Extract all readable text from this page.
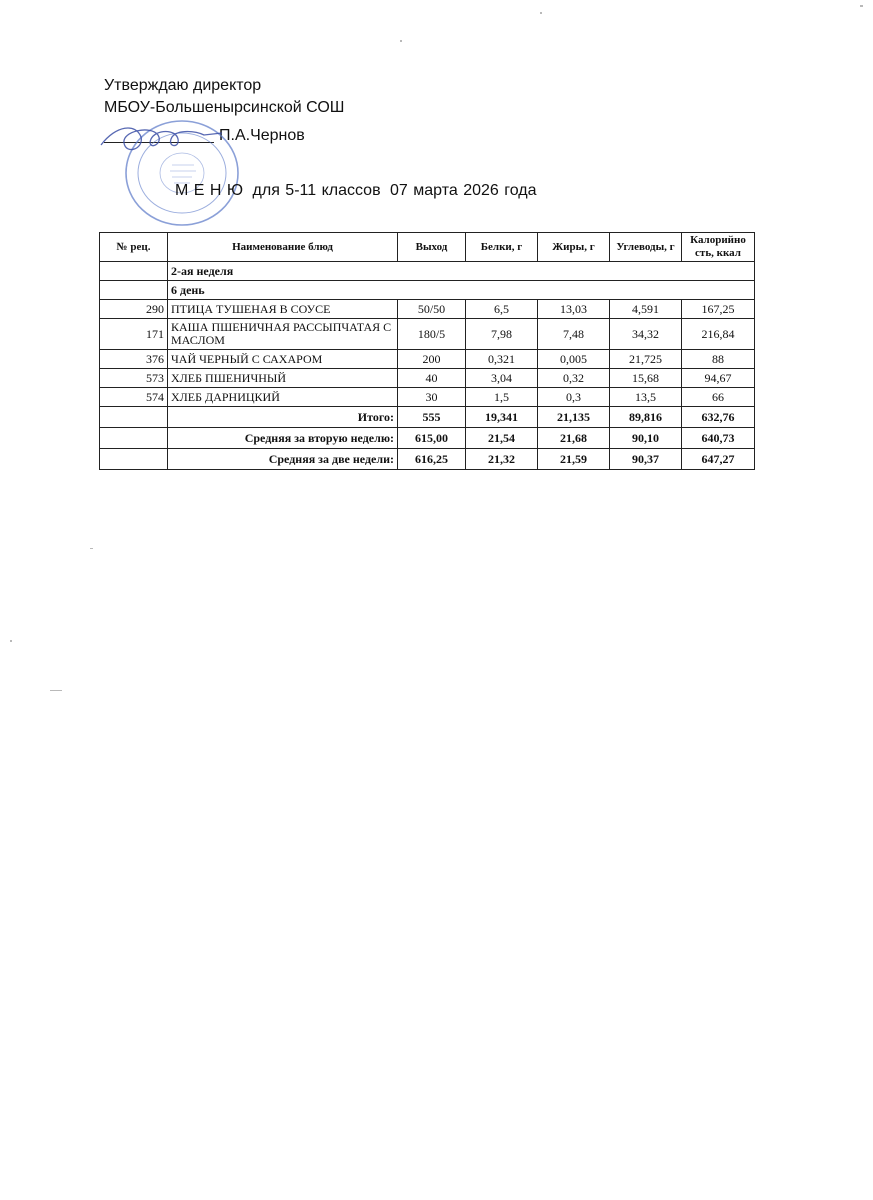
Утверждаю директор
МБОУ-Большенырсинской СОШ
П.А.Чернов
М Е Н Ю для 5-11 классов 07 марта 2026 года
№ рец.	Наименование блюд	Выход	Белки, г	Жиры, г	Углеводы, г	Калорийно сть, ккал
	2-ая неделя					
	6 день					
290	ПТИЦА ТУШЕНАЯ В СОУСЕ	50/50	6,5	13,03	4,591	167,25
171	КАША ПШЕНИЧНАЯ РАССЫПЧАТАЯ С МАСЛОМ	180/5	7,98	7,48	34,32	216,84
376	ЧАЙ ЧЕРНЫЙ С САХАРОМ	200	0,321	0,005	21,725	88
573	ХЛЕБ ПШЕНИЧНЫЙ	40	3,04	0,32	15,68	94,67
574	ХЛЕБ ДАРНИЦКИЙ	30	1,5	0,3	13,5	66
	Итого:	555	19,341	21,135	89,816	632,76
	Средняя за вторую неделю:	615,00	21,54	21,68	90,10	640,73
	Средняя за две недели:	616,25	21,32	21,59	90,37	647,27
